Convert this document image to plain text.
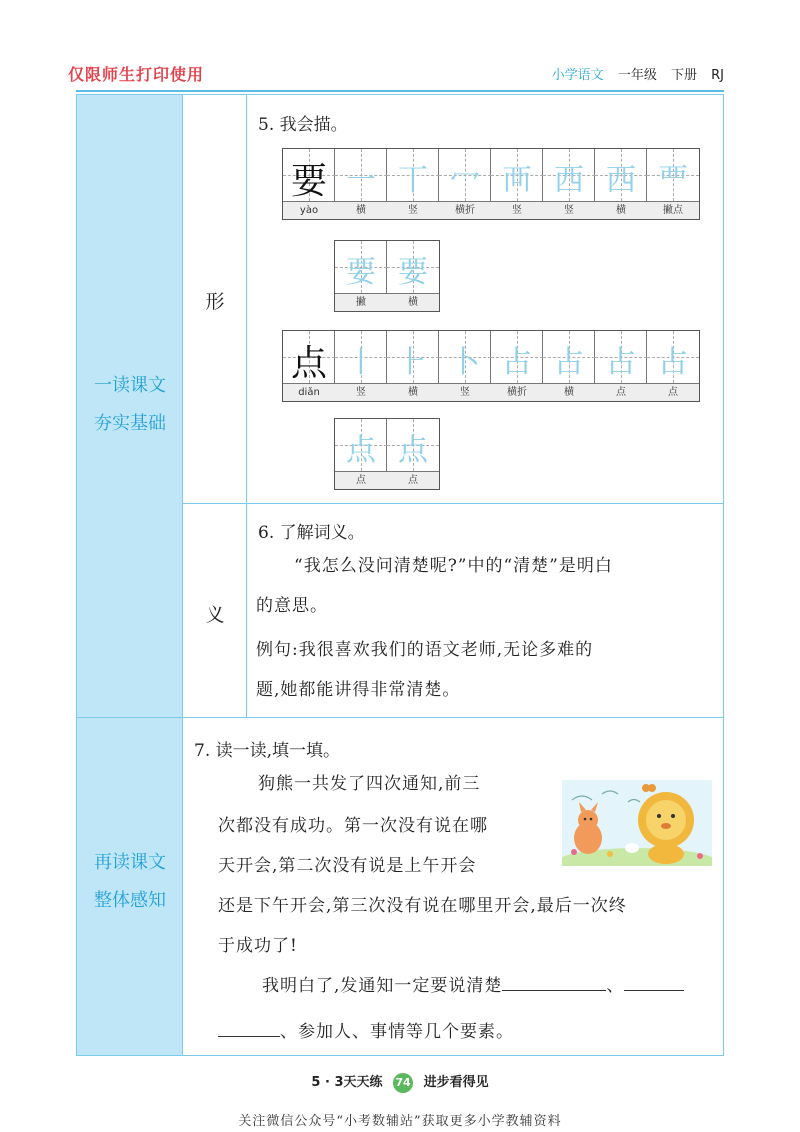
仅限师生打印使用	小学语文 一年级 下册 RJ
一读课文
夯实基础
再读课文
整体感知
形
义
5. 我会描。
要
yào
一
横
丅
竖
冖
横折
襾
竖
西
竖
西
横
覀
撇点
要
撇
要
横
点
diǎn
丨
竖
⺊
横
卜
竖
占
横折
占
横
占
点
占
点
点
点
点
点
6. 了解词义。
“我怎么没问清楚呢?”中的“清楚”是明白
的意思。
例句:我很喜欢我们的语文老师,无论多难的
题,她都能讲得非常清楚。
7. 读一读,填一填。
狗熊一共发了四次通知,前三
次都没有成功。第一次没有说在哪
天开会,第二次没有说是上午开会
还是下午开会,第三次没有说在哪里开会,最后一次终
于成功了!
我明白了,发通知一定要说清楚	、
、参加人、事情等几个要素。
5 · 3天天练 74 进步看得见
关注微信公众号“小考数辅站”获取更多小学教辅资料
